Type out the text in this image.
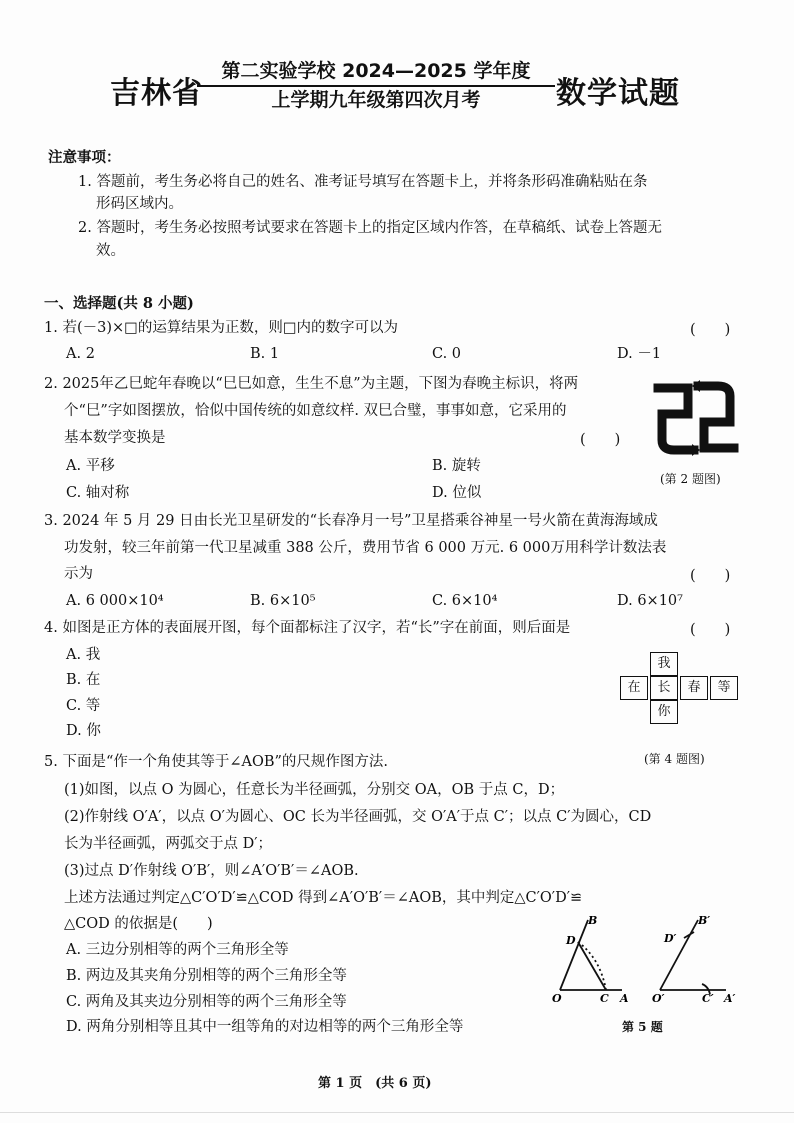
吉林省
第二实验学校 2024—2025 学年度
上学期九年级第四次月考	数学试题
注意事项：
1. 答题前，考生务必将自己的姓名、准考证号填写在答题卡上，并将条形码准确粘贴在条
形码区域内。
2. 答题时，考生务必按照考试要求在答题卡上的指定区域内作答，在草稿纸、试卷上答题无
效。
一、选择题(共 8 小题)
1. 若(－3)×□的运算结果为正数，则□内的数字可以为	(　　)
A. 2	B. 1	C. 0	D. －1
2. 2025年乙巳蛇年春晚以“巳巳如意，生生不息”为主题，下图为春晚主标识，将两
个“巳”字如图摆放，恰似中国传统的如意纹样. 双巳合璧，事事如意，它采用的
基本数学变换是	(　　)
A. 平移	B. 旋转
C. 轴对称	D. 位似
(第 2 题图)
3. 2024 年 5 月 29 日由长光卫星研发的“长春净月一号”卫星搭乘谷神星一号火箭在黄海海域成
功发射，较三年前第一代卫星减重 388 公斤，费用节省 6 000 万元. 6 000万用科学计数法表
示为	(　　)
A. 6 000×10⁴	B. 6×10⁵	C. 6×10⁴	D. 6×10⁷
4. 如图是正方体的表面展开图，每个面都标注了汉字，若“长”字在前面，则后面是	(　　)
A. 我
B. 在
C. 等
D. 你
我
在	长	春	等
你
(第 4 题图)
5. 下面是“作一个角使其等于∠AOB”的尺规作图方法.
(1)如图，以点 O 为圆心，任意长为半径画弧，分别交 OA，OB 于点 C，D；
(2)作射线 O′A′，以点 O′为圆心、OC 长为半径画弧，交 O′A′于点 C′；以点 C′为圆心，CD
长为半径画弧，两弧交于点 D′；
(3)过点 D′作射线 O′B′，则∠A′O′B′＝∠AOB.
上述方法通过判定△C′O′D′≌△COD 得到∠A′O′B′＝∠AOB，其中判定△C′O′D′≌
△COD 的依据是(　　)
A. 三边分别相等的两个三角形全等
B. 两边及其夹角分别相等的两个三角形全等
C. 两角及其夹边分别相等的两个三角形全等
D. 两角分别相等且其中一组等角的对边相等的两个三角形全等
B
D
O	C A
B′
D′
O′	C′ A′
第 5 题
第 1 页　(共 6 页)
